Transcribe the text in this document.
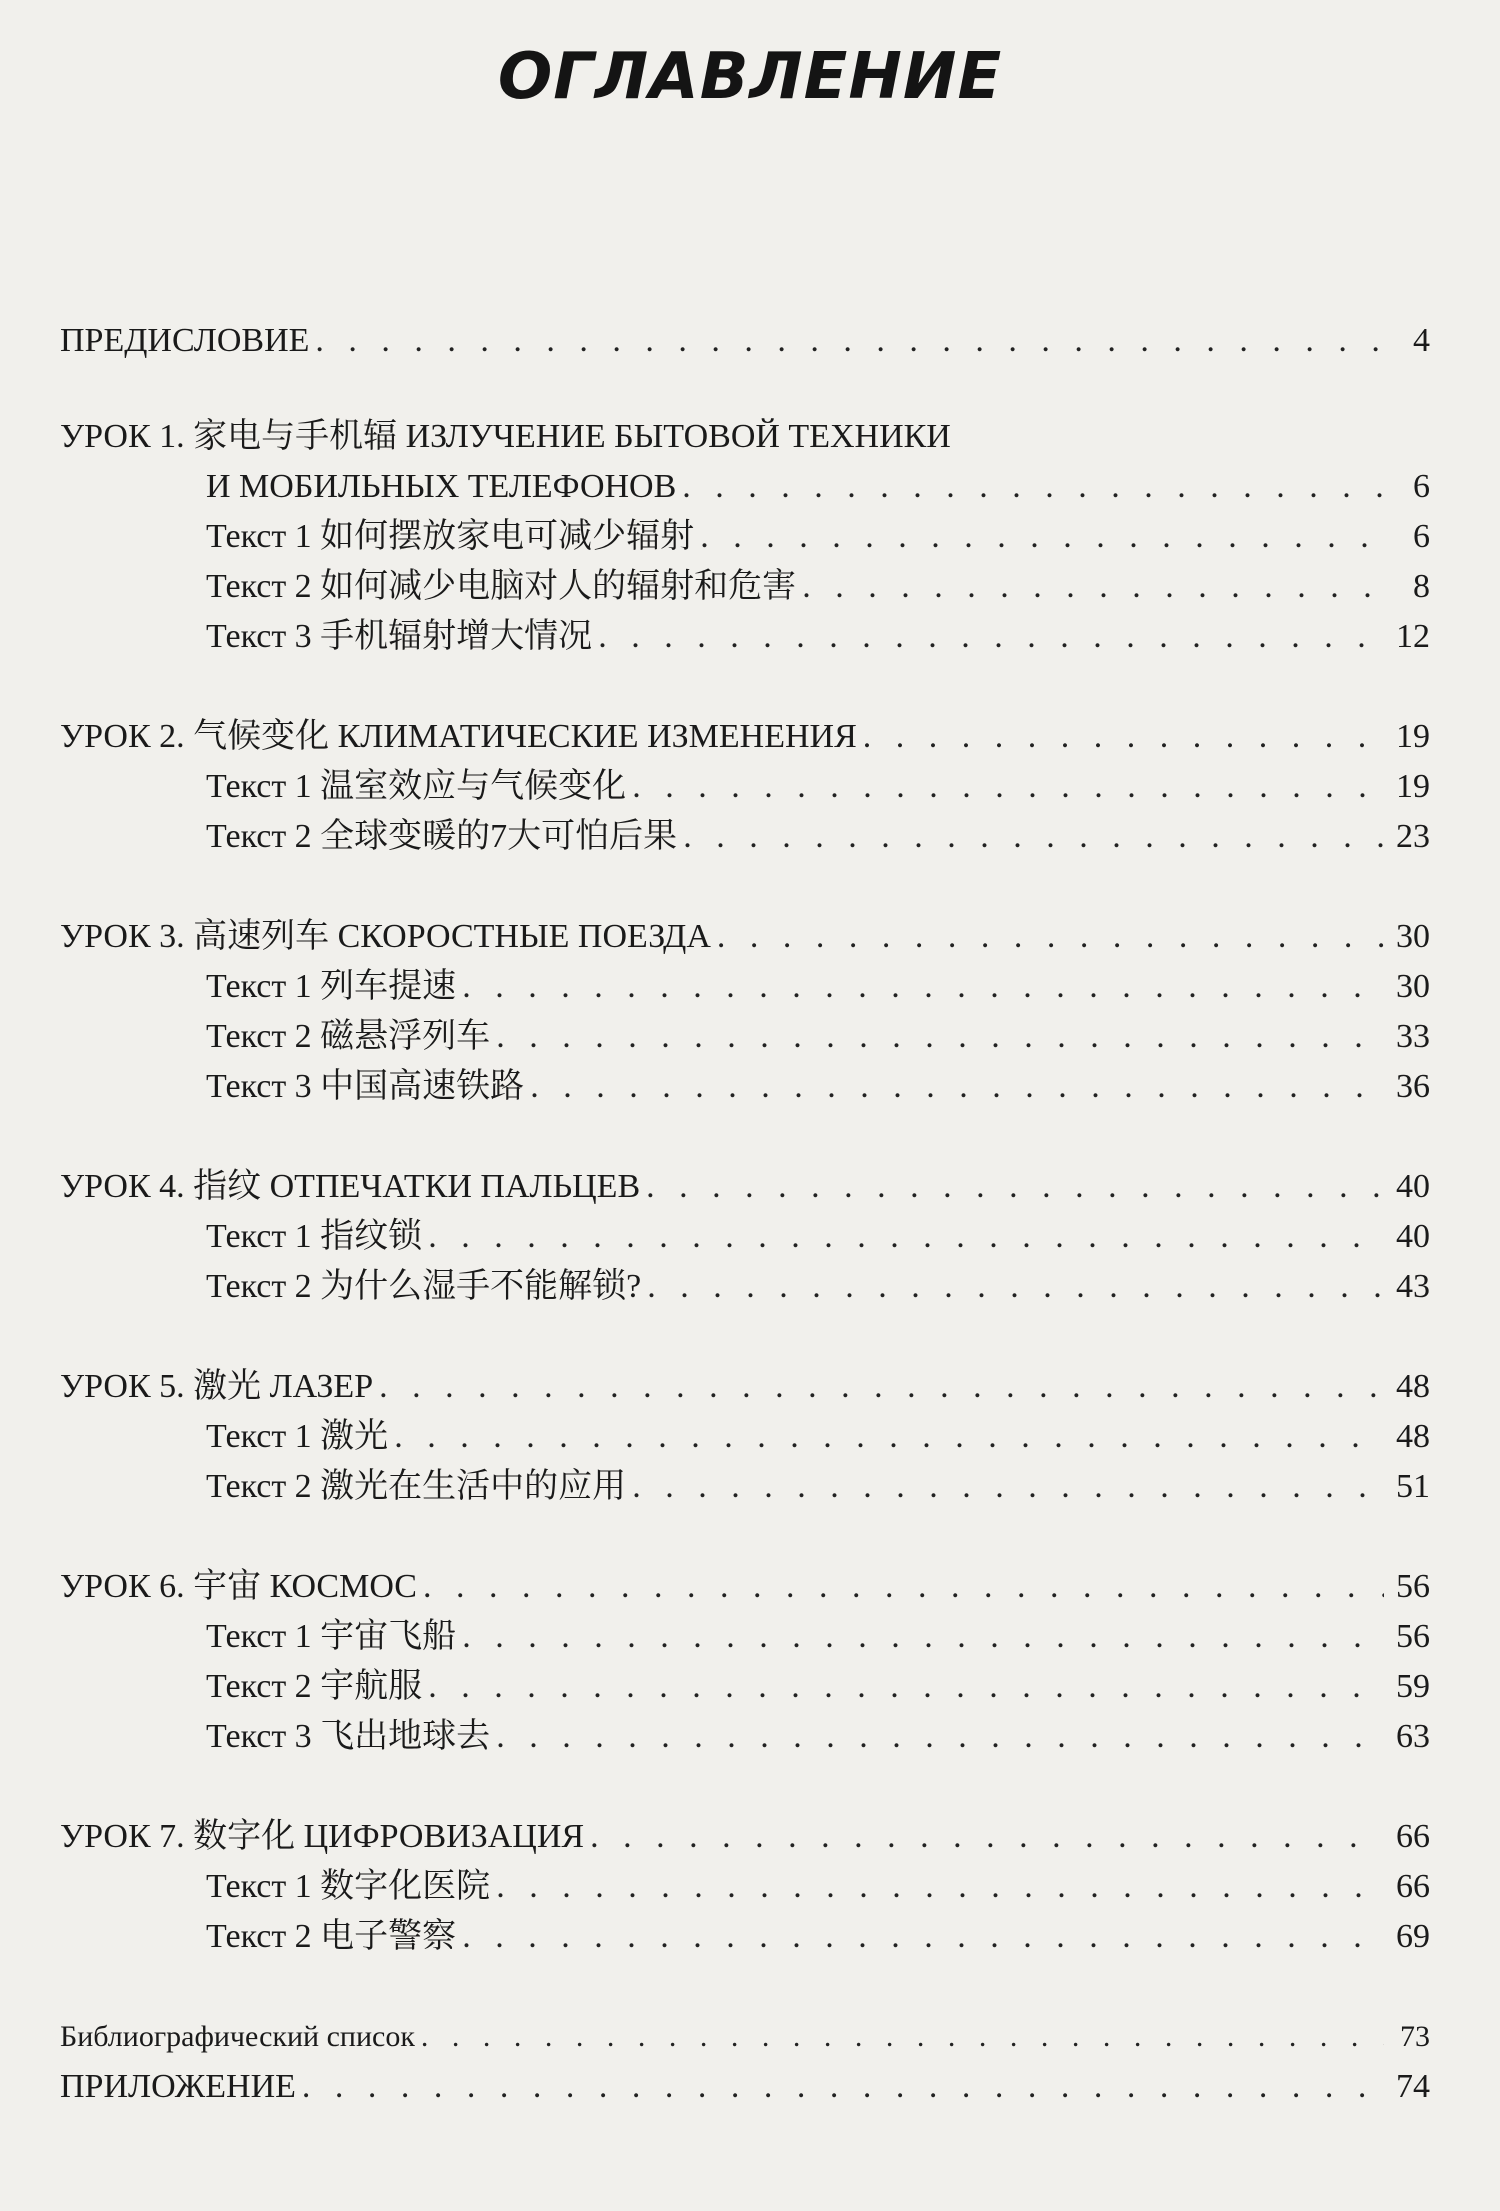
ОГЛАВЛЕНИЕ
ПРЕДИСЛОВИЕ . . .	4
УРОК 1. 家电与手机辐 ИЗЛУЧЕНИЕ БЫТОВОЙ ТЕХНИКИ
И МОБИЛЬНЫХ ТЕЛЕФОНОВ . . .	6
Текст 1 如何摆放家电可减少辐射 . . .	6
Текст 2 如何减少电脑对人的辐射和危害 . . .	8
Текст 3 手机辐射增大情况 . . .	12
УРОК 2. 气候变化 КЛИМАТИЧЕСКИЕ ИЗМЕНЕНИЯ . . .	19
Текст 1 温室效应与气候变化 . . .	19
Текст 2 全球变暖的7大可怕后果 . . .	23
УРОК 3. 高速列车 СКОРОСТНЫЕ ПОЕЗДА . . .	30
Текст 1 列车提速 . . .	30
Текст 2 磁悬浮列车 . . .	33
Текст 3 中国高速铁路 . . .	36
УРОК 4. 指纹 ОТПЕЧАТКИ ПАЛЬЦЕВ . . .	40
Текст 1 指纹锁 . . .	40
Текст 2 为什么湿手不能解锁? . . .	43
УРОК 5. 激光 ЛАЗЕР . . .	48
Текст 1 激光 . . .	48
Текст 2 激光在生活中的应用 . . .	51
УРОК 6. 宇宙 КОСМОС . . .	56
Текст 1 宇宙飞船 . . .	56
Текст 2 宇航服 . . .	59
Текст 3 飞出地球去 . . .	63
УРОК 7. 数字化 ЦИФРОВИЗАЦИЯ . . .	66
Текст 1 数字化医院 . . .	66
Текст 2 电子警察 . . .	69
Библиографический список . . .	73
ПРИЛОЖЕНИЕ . . .	74
